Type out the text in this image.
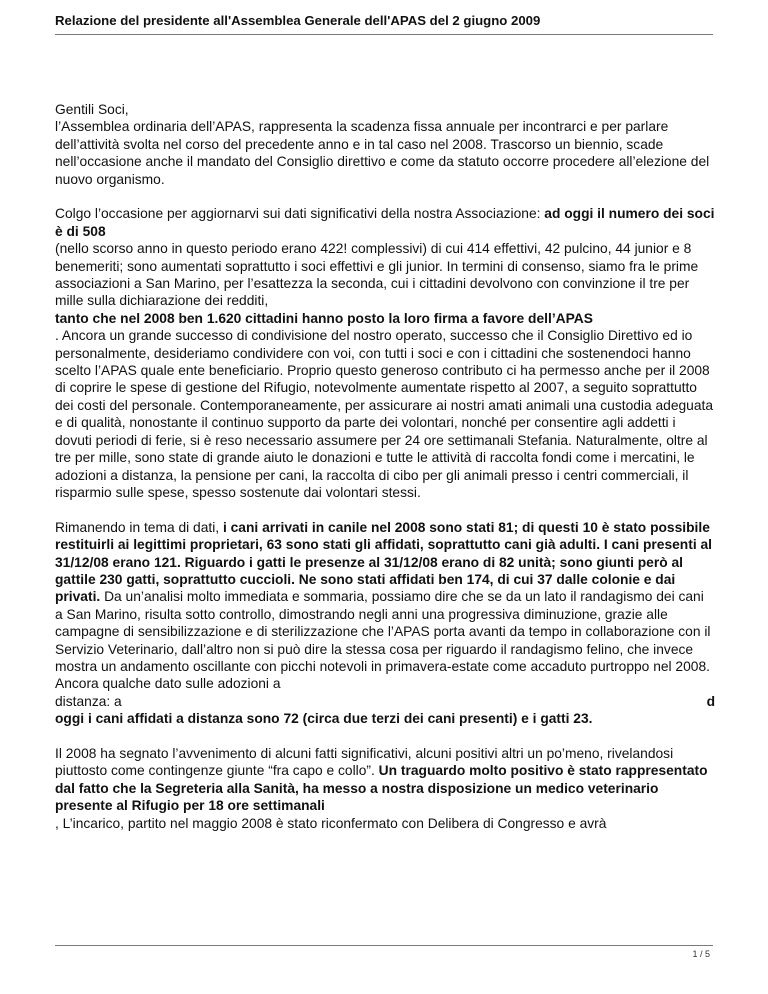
Relazione del presidente all'Assemblea Generale dell'APAS del 2 giugno 2009

Gentili Soci,
l’Assemblea ordinaria dell’APAS, rappresenta la scadenza fissa annuale per incontrarci e per parlare dell’attività svolta nel corso del precedente anno e in tal caso nel 2008. Trascorso un biennio, scade nell’occasione anche il mandato del Consiglio direttivo e come da statuto occorre procedere all’elezione del nuovo organismo.

Colgo l’occasione per aggiornarvi sui dati significativi della nostra Associazione: ad oggi il numero dei soci è di 508
(nello scorso anno in questo periodo erano 422! complessivi) di cui 414 effettivi, 42 pulcino, 44 junior e 8 benemeriti; sono aumentati soprattutto i soci effettivi e gli junior. In termini di consenso, siamo fra le prime associazioni a San Marino, per l’esattezza la seconda, cui i cittadini devolvono con convinzione il tre per mille sulla dichiarazione dei redditi,
tanto che nel 2008 ben 1.620 cittadini hanno posto la loro firma a favore dell’APAS
. Ancora un grande successo di condivisione del nostro operato, successo che il Consiglio Direttivo ed io personalmente, desideriamo condividere con voi, con tutti i soci e con i cittadini che sostenendoci hanno scelto l’APAS quale ente beneficiario. Proprio questo generoso contributo ci ha permesso anche per il 2008 di coprire le spese di gestione del Rifugio, notevolmente aumentate rispetto al 2007, a seguito soprattutto dei costi del personale. Contemporaneamente, per assicurare ai nostri amati animali una custodia adeguata e di qualità, nonostante il continuo supporto da parte dei volontari, nonché per consentire agli addetti i dovuti periodi di ferie, si è reso necessario assumere per 24 ore settimanali Stefania. Naturalmente, oltre al tre per mille, sono state di grande aiuto le donazioni e tutte le attività di raccolta fondi come i mercatini, le adozioni a distanza, la pensione per cani, la raccolta di cibo per gli animali presso i centri commerciali, il risparmio sulle spese, spesso sostenute dai volontari stessi.

Rimanendo in tema di dati, i cani arrivati in canile nel 2008 sono stati 81; di questi 10 è stato possibile restituirli ai legittimi proprietari, 63 sono stati gli affidati, soprattutto cani già adulti. I cani presenti al 31/12/08 erano 121. Riguardo i gatti le presenze al 31/12/08 erano di 82 unità; sono giunti però al gattile 230 gatti, soprattutto cuccioli. Ne sono stati affidati ben 174, di cui 37 dalle colonie e dai privati. Da un’analisi molto immediata e sommaria, possiamo dire che se da un lato il randagismo dei cani a San Marino, risulta sotto controllo, dimostrando negli anni una progressiva diminuzione, grazie alle campagne di sensibilizzazione e di sterilizzazione che l’APAS porta avanti da tempo in collaborazione con il Servizio Veterinario, dall’altro non si può dire la stessa cosa per riguardo il randagismo felino, che invece mostra un andamento oscillante con picchi notevoli in primavera-estate come accaduto purtroppo nel 2008. Ancora qualche dato sulle adozioni a
distanza: a	d
oggi i cani affidati a distanza sono 72 (circa due terzi dei cani presenti) e i gatti 23.

Il 2008 ha segnato l’avvenimento di alcuni fatti significativi, alcuni positivi altri un po’meno, rivelandosi piuttosto come contingenze giunte “fra capo e collo”. Un traguardo molto positivo è stato rappresentato dal fatto che la Segreteria alla Sanità, ha messo a nostra disposizione un medico veterinario presente al Rifugio per 18 ore settimanali
, L’incarico, partito nel maggio 2008 è stato riconfermato con Delibera di Congresso e avrà

1 / 5
